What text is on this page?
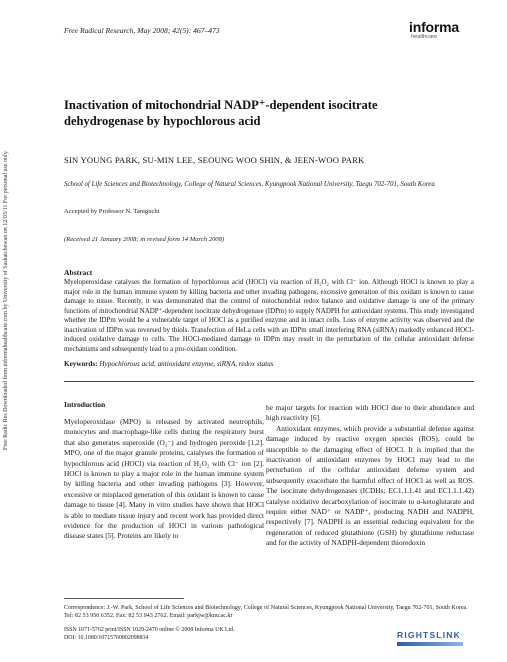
Free Radical Research, May 2008; 42(5): 467–473	informa
healthcare
Free Radic Res Downloaded from informahealthcare.com by University of Saskatchewan on 12/03/11 For personal use only.
Inactivation of mitochondrial NADP⁺-dependent isocitrate dehydrogenase by hypochlorous acid
SIN YOUNG PARK, SU-MIN LEE, SEOUNG WOO SHIN, & JEEN-WOO PARK
School of Life Sciences and Biotechnology, College of Natural Sciences, Kyungpook National University, Taegu 702-701, South Korea
Accepted by Professor N. Taniguchi
(Received 21 January 2008; in revised form 14 March 2008)
Abstract
Myeloperoxidase catalyses the formation of hypochlorous acid (HOCl) via reaction of H₂O₂ with Cl⁻ ion. Although HOCl is known to play a major role in the human immune system by killing bacteria and other invading pathogens, excessive generation of this oxidant is known to cause damage to tissue. Recently, it was demonstrated that the control of mitochondrial redox balance and oxidative damage is one of the primary functions of mitochondrial NADP⁺-dependent isocitrate dehydrogenase (IDPm) to supply NADPH for antioxidant systems. This study investigated whether the IDPm would be a vulnerable target of HOCl as a purified enzyme and in intact cells. Loss of enzyme activity was observed and the inactivation of IDPm was reversed by thiols. Transfection of HeLa cells with an IDPm small interfering RNA (siRNA) markedly enhanced HOCl-induced oxidative damage to cells. The HOCl-mediated damage to IDPm may result in the perturbation of the cellular antioxidant defense mechanisms and subsequently lead to a pro-oxidant condition.
Keywords: Hypochlorous acid, antioxidant enzyme, siRNA, redox status
Introduction

Myeloperoxidase (MPO) is released by activated neutrophils, monocytes and macrophage-like cells during the respiratory burst that also generates superoxide (O₂⁻) and hydrogen peroxide [1,2]. MPO, one of the major granule proteins, catalyses the formation of hypochlorous acid (HOCl) via reaction of H₂O₂ with Cl⁻ ion [2]. HOCl is known to play a major role in the human immune system by killing bacteria and other invading pathogens [3]. However, excessive or misplaced generation of this oxidant is known to cause damage to tissue [4]. Many in vitro studies have shown that HOCl is able to mediate tissue injury and recent work has provided direct evidence for the production of HOCl in various pathological disease states [5]. Proteins are likely to

be major targets for reaction with HOCl due to their abundance and high reactivity [6].

Antioxidant enzymes, which provide a substantial defense against damage induced by reactive oxygen species (ROS), could be susceptible to the damaging effect of HOCl. It is implied that the inactivation of antioxidant enzymes by HOCl may lead to the perturbation of the cellular antioxidant defense system and subsequently exacerbate the harmful effect of HOCl as well as ROS. The isocitrate dehydrogenases (ICDHs; EC1.1.1.41 and EC1.1.1.42) catalyse oxidative decarboxylation of isocitrate to α-ketoglutarate and require either NAD⁺ or NADP⁺, producing NADH and NADPH, respectively [7]. NADPH is an essential reducing equivalent for the regeneration of reduced glutathione (GSH) by glutathione reductase and for the activity of NADPH-dependent thioredoxin

Correspondence: J.-W. Park, School of Life Sciences and Biotechnology, College of Natural Sciences, Kyungpook National University, Taegu 702-701, South Korea. Tel: 82 53 950 6352. Fax: 82 53 943 2762. Email: parkjw@knu.ac.kr
ISSN 1071-5762 print/ISSN 1029-2470 online © 2008 Informa UK Ltd.
DOI: 10.1080/10715760802098834	RIGHTSLINK
